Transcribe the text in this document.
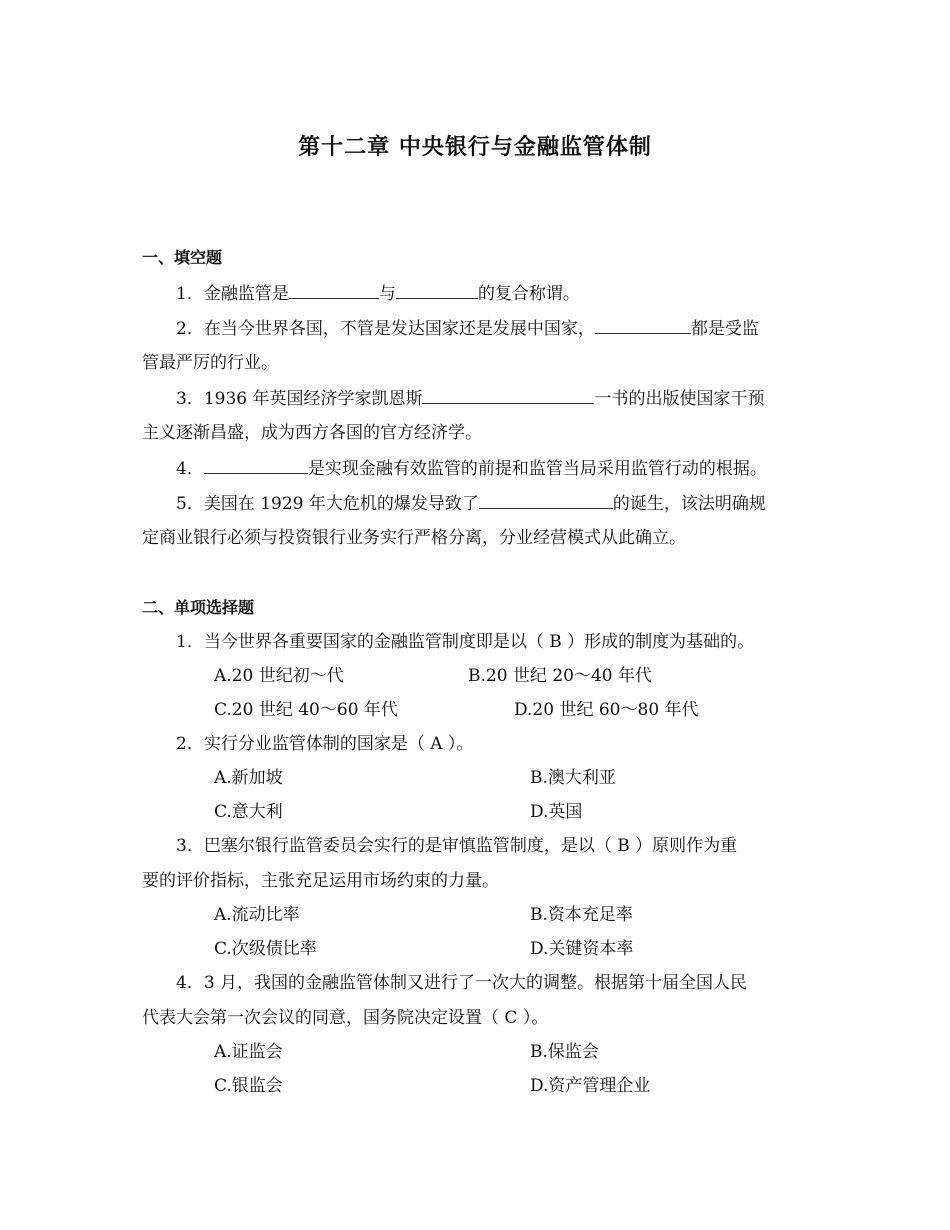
第十二章 中央银行与金融监管体制
一、填空题
1．金融监管是	与	的复合称谓。
2．在当今世界各国，不管是发达国家还是发展中国家，	都是受监
管最严厉的行业。
3．1936 年英国经济学家凯恩斯	一书的出版使国家干预
主义逐渐昌盛，成为西方各国的官方经济学。
4．	是实现金融有效监管的前提和监管当局采用监管行动的根据。
5．美国在 1929 年大危机的爆发导致了	的诞生，该法明确规
定商业银行必须与投资银行业务实行严格分离，分业经营模式从此确立。
二、单项选择题
1．当今世界各重要国家的金融监管制度即是以（ B ）形成的制度为基础的。
A.20 世纪初～代	B.20 世纪 20～40 年代
C.20 世纪 40～60 年代	D.20 世纪 60～80 年代
2．实行分业监管体制的国家是（ A ）。
A.新加坡	B.澳大利亚
C.意大利	D.英国
3．巴塞尔银行监管委员会实行的是审慎监管制度，是以（ B ）原则作为重
要的评价指标，主张充足运用市场约束的力量。
A.流动比率	B.资本充足率
C.次级债比率	D.关键资本率
4．3 月，我国的金融监管体制又进行了一次大的调整。根据第十届全国人民
代表大会第一次会议的同意，国务院决定设置（ C ）。
A.证监会	B.保监会
C.银监会	D.资产管理企业
